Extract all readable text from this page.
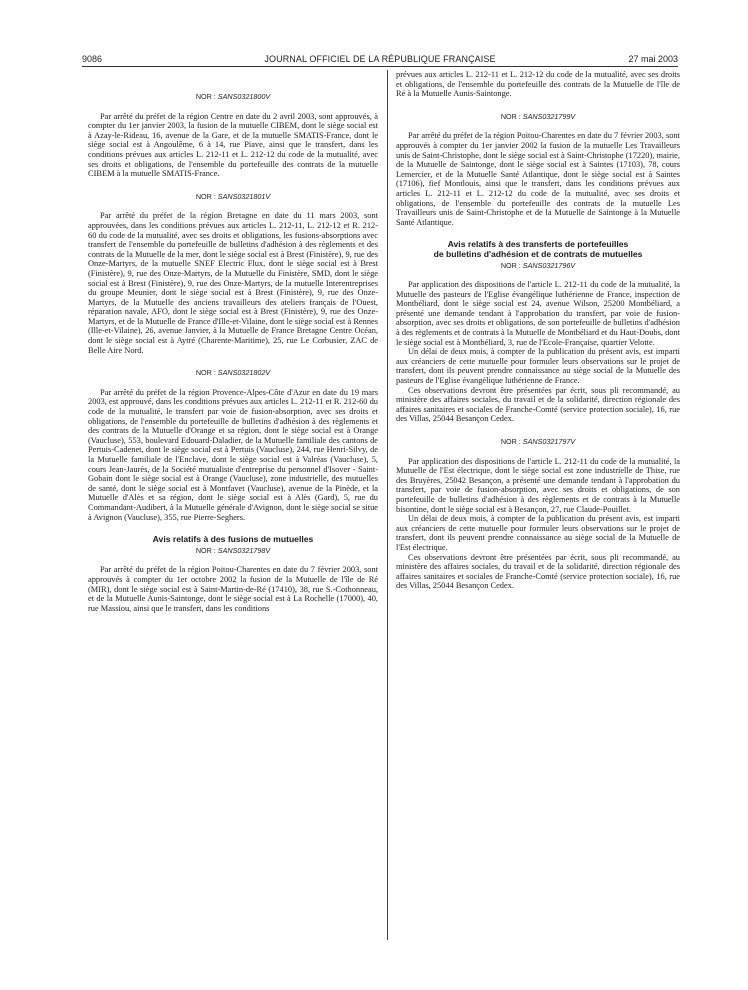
9086	JOURNAL OFFICIEL DE LA RÉPUBLIQUE FRANÇAISE	27 mai 2003

NOR : SANS0321800V

Par arrêté du préfet de la région Centre en date du 2 avril 2003, sont approuvés, à compter du 1er janvier 2003, la fusion de la mutuelle CIBEM, dont le siège social est à Azay-le-Rideau, 16, avenue de la Gare, et de la mutuelle SMATIS-France, dont le siège social est à Angoulême, 6 à 14, rue Piave, ainsi que le transfert, dans les conditions prévues aux articles L. 212-11 et L. 212-12 du code de la mutualité, avec ses droits et obligations, de l'ensemble du portefeuille des contrats de la mutuelle CIBEM à la mutuelle SMATIS-France.

NOR : SANS0321801V

Par arrêté du préfet de la région Bretagne en date du 11 mars 2003, sont approuvées, dans les conditions prévues aux articles L. 212-11, L. 212-12 et R. 212-60 du code de la mutualité, avec ses droits et obligations, les fusions-absorptions avec transfert de l'ensemble du portefeuille de bulletins d'adhésion à des règlements et des contrats de la Mutuelle de la mer, dont le siège social est à Brest (Finistère), 9, rue des Onze-Martyrs, de la mutuelle SNEF Electric Flux, dont le siège social est à Brest (Finistère), 9, rue des Onze-Martyrs, de la Mutuelle du Finistère, SMD, dont le siège social est à Brest (Finistère), 9, rue des Onze-Martyrs, de la mutuelle Interentreprises du groupe Meunier, dont le siège social est à Brest (Finistère), 9, rue des Onze-Martyrs, de la Mutuelle des anciens travailleurs des ateliers français de l'Ouest, réparation navale, AFO, dont le siège social est à Brest (Finistère), 9, rue des Onze-Martyrs, et de la Mutuelle de France d'Ille-et-Vilaine, dont le siège social est à Rennes (Ille-et-Vilaine), 26, avenue Janvier, à la Mutuelle de France Bretagne Centre Océan, dont le siège social est à Aytré (Charente-Maritime), 25, rue Le Corbusier, ZAC de Belle Aire Nord.

NOR : SANS0321802V

Par arrêté du préfet de la région Provence-Alpes-Côte d'Azur en date du 19 mars 2003, est approuvé, dans les conditions prévues aux articles L. 212-11 et R. 212-60 du code de la mutualité, le transfert par voie de fusion-absorption, avec ses droits et obligations, de l'ensemble du portefeuille de bulletins d'adhésion à des règlements et des contrats de la Mutuelle d'Orange et sa région, dont le siège social est à Orange (Vaucluse), 553, boulevard Edouard-Daladier, de la Mutuelle familiale des cantons de Pertuis-Cadenet, dont le siège social est à Pertuis (Vaucluse), 244, rue Henri-Silvy, de la Mutuelle familiale de l'Enclave, dont le siège social est à Valréas (Vaucluse), 5, cours Jean-Jaurès, de la Société mutualiste d'entreprise du personnel d'Isover - Saint-Gobain dont le siège social est à Orange (Vaucluse), zone industrielle, des mutuelles de santé, dont le siège social est à Montfavet (Vaucluse), avenue de la Pinède, et la Mutuelle d'Alès et sa région, dont le siège social est à Alès (Gard), 5, rue du Commandant-Audibert, à la Mutuelle générale d'Avignon, dont le siège social se situe à Avignon (Vaucluse), 355, rue Pierre-Seghers.

Avis relatifs à des fusions de mutuelles

NOR : SANS0321798V

Par arrêté du préfet de la région Poitou-Charentes en date du 7 février 2003, sont approuvés à compter du 1er octobre 2002 la fusion de la Mutuelle de l'île de Ré (MIR), dont le siège social est à Saint-Martin-de-Ré (17410), 38, rue S.-Cothonneau, et de la Mutuelle Aunis-Saintonge, dont le siège social est à La Rochelle (17000), 40, rue Massiou, ainsi que le transfert, dans les conditions

prévues aux articles L. 212-11 et L. 212-12 du code de la mutualité, avec ses droits et obligations, de l'ensemble du portefeuille des contrats de la Mutuelle de l'île de Ré à la Mutuelle Aunis-Saintonge.

NOR : SANS0321799V

Par arrêté du préfet de la région Poitou-Charentes en date du 7 février 2003, sont approuvés à compter du 1er janvier 2002 la fusion de la mutuelle Les Travailleurs unis de Saint-Christophe, dont le siège social est à Saint-Christophe (17220), mairie, de la Mutuelle de Saintonge, dont le siège social est à Saintes (17103), 78, cours Lemercier, et de la Mutuelle Santé Atlantique, dont le siège social est à Saintes (17106), fief Montlouis, ainsi que le transfert, dans les conditions prévues aux articles L. 212-11 et L. 212-12 du code de la mutualité, avec ses droits et obligations, de l'ensemble du portefeuille des contrats de la mutuelle Les Travailleurs unis de Saint-Christophe et de la Mutuelle de Saintonge à la Mutuelle Santé Atlantique.

Avis relatifs à des transferts de portefeuilles

de bulletins d'adhésion et de contrats de mutuelles

NOR : SANS0321796V

Par application des dispositions de l'article L. 212-11 du code de la mutualité, la Mutuelle des pasteurs de l'Eglise évangélique luthérienne de France, inspection de Montbéliard, dont le siège social est 24, avenue Wilson, 25200 Montbéliard, a présenté une demande tendant à l'approbation du transfert, par voie de fusion-absorption, avec ses droits et obligations, de son portefeuille de bulletins d'adhésion à des règlements et de contrats à la Mutuelle de Montbéliard et du Haut-Doubs, dont le siège social est à Montbéliard, 3, rue de l'Ecole-Française, quartier Velotte.

Un délai de deux mois, à compter de la publication du présent avis, est imparti aux créanciers de cette mutuelle pour formuler leurs observations sur le projet de transfert, dont ils peuvent prendre connaissance au siège social de la Mutuelle des pasteurs de l'Eglise évangélique luthérienne de France.

Ces observations devront être présentées par écrit, sous pli recommandé, au ministère des affaires sociales, du travail et de la solidarité, direction régionale des affaires sanitaires et sociales de Franche-Comté (service protection sociale), 16, rue des Villas, 25044 Besançon Cedex.

NOR : SANS0321797V

Par application des dispositions de l'article L. 212-11 du code de la mutualité, la Mutuelle de l'Est électrique, dont le siège social est zone industrielle de Thise, rue des Bruyères, 25042 Besançon, a présenté une demande tendant à l'approbation du transfert, par voie de fusion-absorption, avec ses droits et obligations, de son portefeuille de bulletins d'adhésion à des règlements et de contrats à la Mutuelle bisontine, dont le siège social est à Besançon, 27, rue Claude-Pouillet.

Un délai de deux mois, à compter de la publication du présent avis, est imparti aux créanciers de cette mutuelle pour formuler leurs observations sur le projet de transfert, dont ils peuvent prendre connaissance au siège social de la Mutuelle de l'Est électrique.

Ces observations devront être présentées par écrit, sous pli recommandé, au ministère des affaires sociales, du travail et de la solidarité, direction régionale des affaires sanitaires et sociales de Franche-Comté (service protection sociale), 16, rue des Villas, 25044 Besançon Cedex.
